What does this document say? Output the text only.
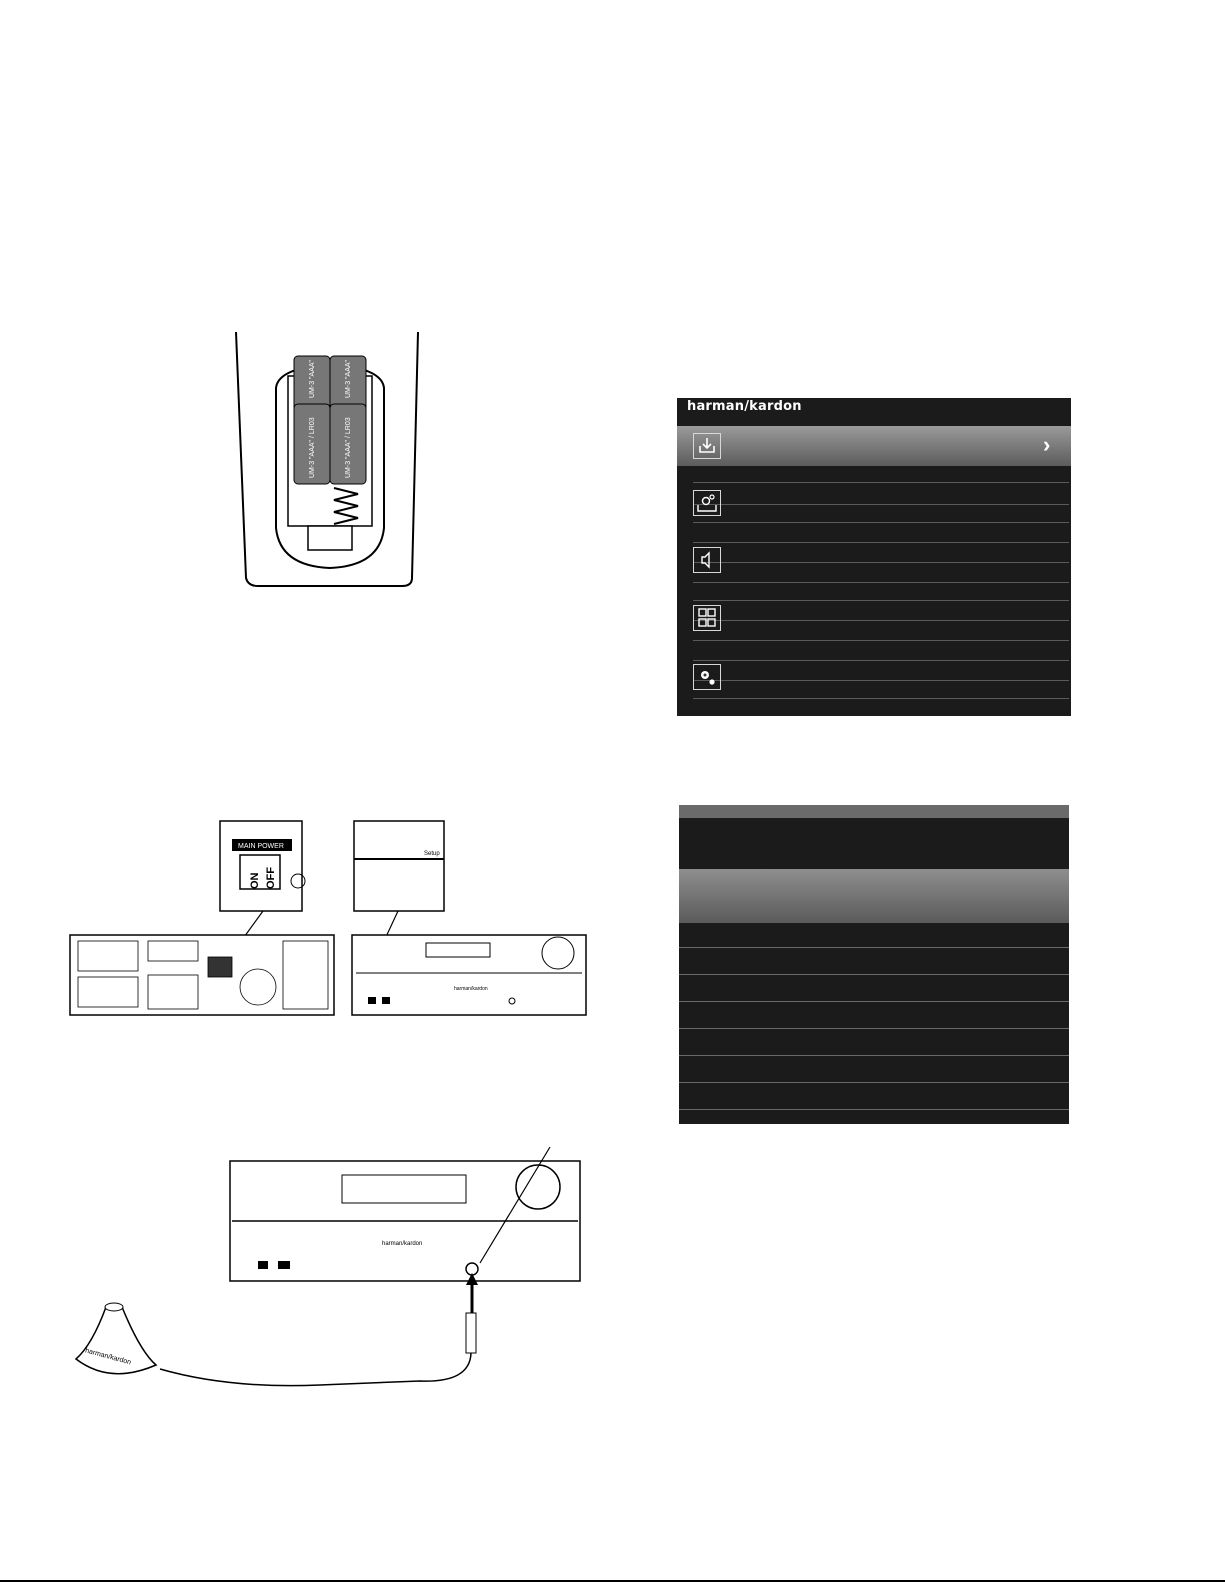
UM-3 "AAA"	UM-3 "AAA"
UM-3 "AAA" / LR03	UM-3 "AAA" / LR03
MAIN POWER
ON OFF
Setup
harman/kardon
harman/kardon
harman/kardon
harman/kardon
›
